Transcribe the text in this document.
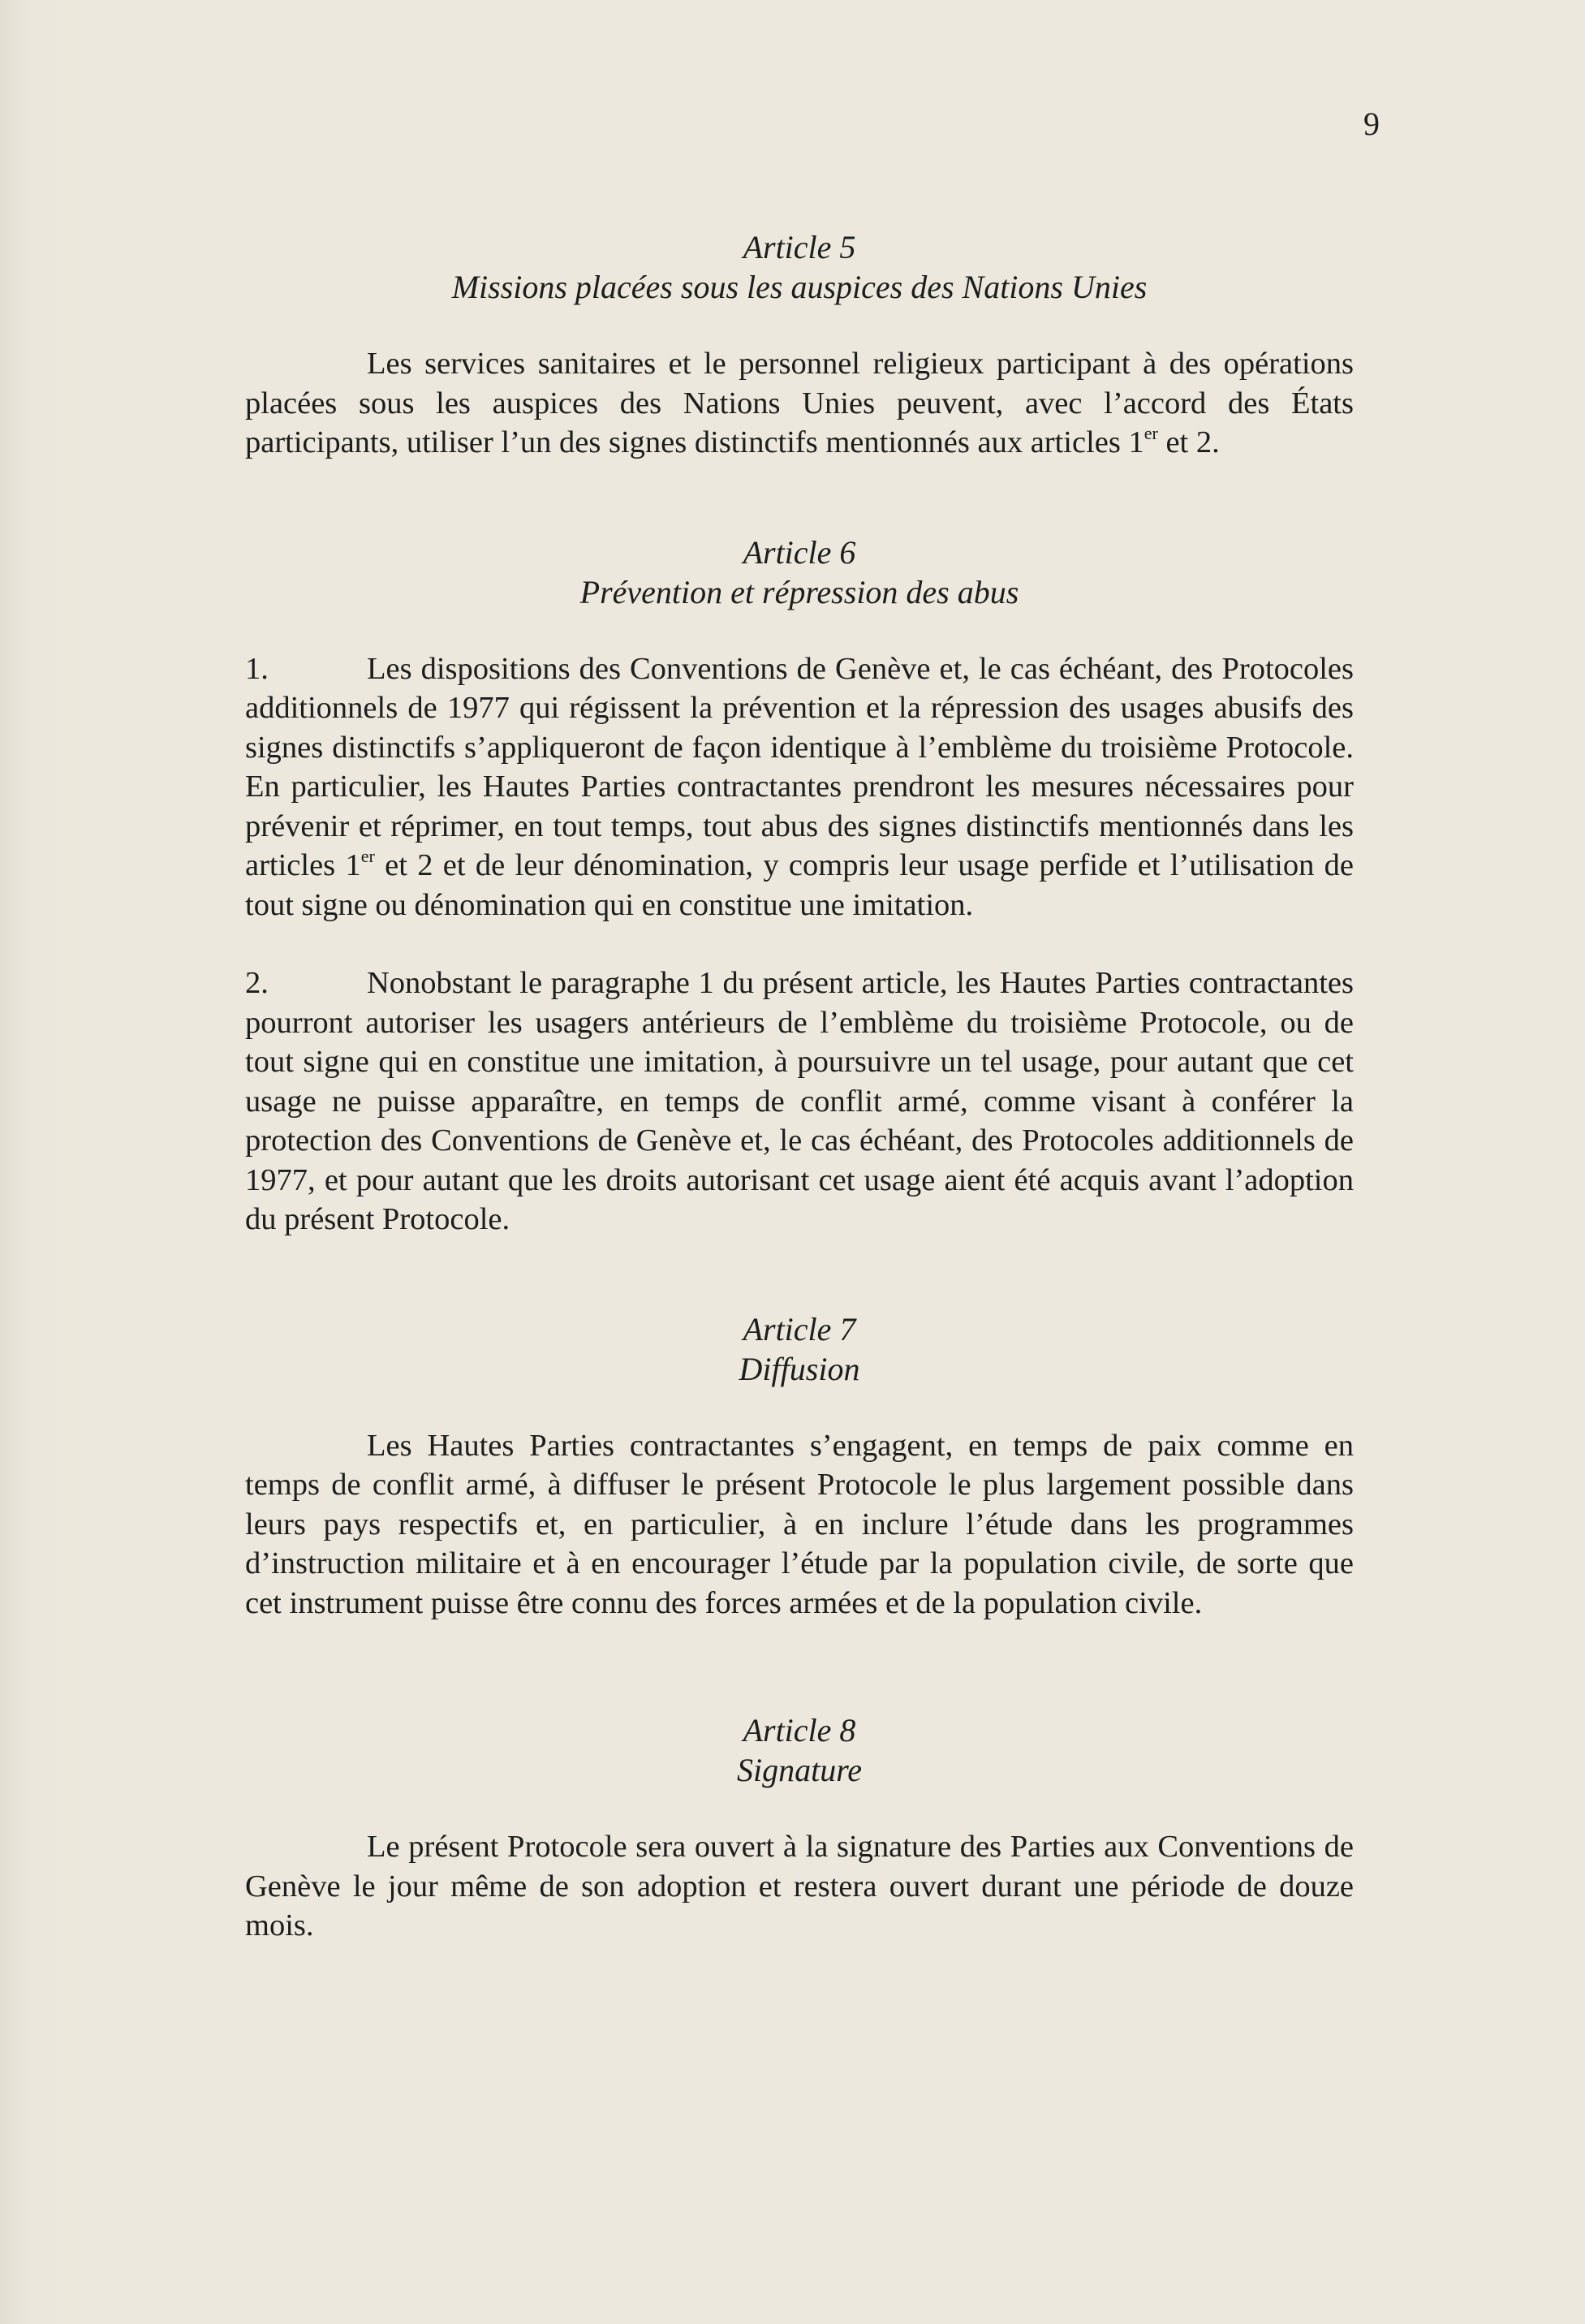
9
Article 5
Missions placées sous les auspices des Nations Unies

Les services sanitaires et le personnel religieux participant à des opérations placées sous les auspices des Nations Unies peuvent, avec l’accord des États participants, utiliser l’un des signes distinctifs mentionnés aux articles 1er et 2.

Article 6
Prévention et répression des abus

1.	Les dispositions des Conventions de Genève et, le cas échéant, des Protocoles additionnels de 1977 qui régissent la prévention et la répression des usages abusifs des signes distinctifs s’appliqueront de façon identique à l’emblème du troisième Protocole. En particulier, les Hautes Parties contractantes prendront les mesures nécessaires pour prévenir et réprimer, en tout temps, tout abus des signes distinctifs mentionnés dans les articles 1er et 2 et de leur dénomination, y compris leur usage perfide et l’utilisation de tout signe ou dénomination qui en constitue une imitation.

2.	Nonobstant le paragraphe 1 du présent article, les Hautes Parties contractantes pourront autoriser les usagers antérieurs de l’emblème du troisième Protocole, ou de tout signe qui en constitue une imitation, à poursuivre un tel usage, pour autant que cet usage ne puisse apparaître, en temps de conflit armé, comme visant à conférer la protection des Conventions de Genève et, le cas échéant, des Protocoles additionnels de 1977, et pour autant que les droits autorisant cet usage aient été acquis avant l’adoption du présent Protocole.

Article 7
Diffusion

Les Hautes Parties contractantes s’engagent, en temps de paix comme en temps de conflit armé, à diffuser le présent Protocole le plus largement possible dans leurs pays respectifs et, en particulier, à en inclure l’étude dans les programmes d’instruction militaire et à en encourager l’étude par la population civile, de sorte que cet instrument puisse être connu des forces armées et de la population civile.

Article 8
Signature

Le présent Protocole sera ouvert à la signature des Parties aux Conventions de Genève le jour même de son adoption et restera ouvert durant une période de douze mois.
